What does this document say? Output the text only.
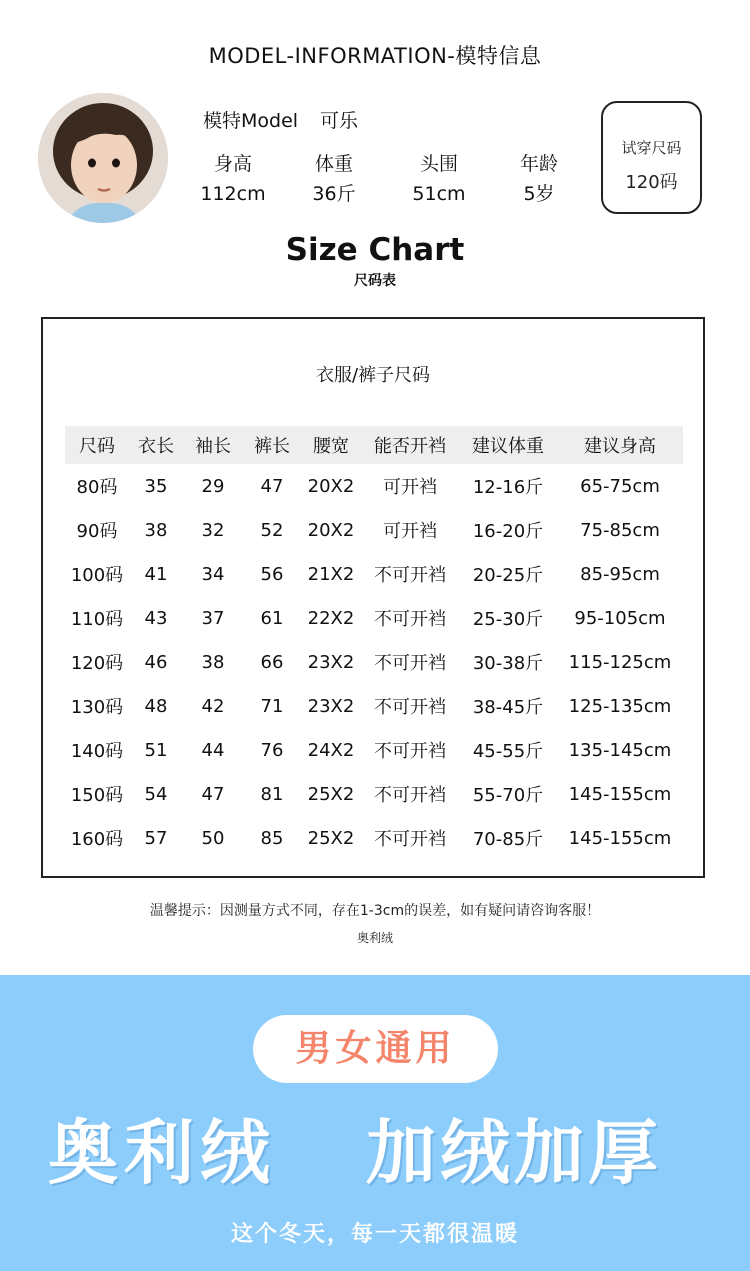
MODEL-INFORMATION-模特信息
模特Model 可乐
身高
112cm
体重
36斤
头围
51cm
年龄
5岁
试穿尺码
120码
Size Chart
尺码表
衣服/裤子尺码
尺码	衣长	袖长	裤长	腰宽	能否开裆	建议体重	建议身高
80码	35	29	47	20X2	可开裆	12-16斤	65-75cm
90码	38	32	52	20X2	可开裆	16-20斤	75-85cm
100码	41	34	56	21X2	不可开裆	20-25斤	85-95cm
110码	43	37	61	22X2	不可开裆	25-30斤	95-105cm
120码	46	38	66	23X2	不可开裆	30-38斤	115-125cm
130码	48	42	71	23X2	不可开裆	38-45斤	125-135cm
140码	51	44	76	24X2	不可开裆	45-55斤	135-145cm
150码	54	47	81	25X2	不可开裆	55-70斤	145-155cm
160码	57	50	85	25X2	不可开裆	70-85斤	145-155cm
温馨提示：因测量方式不同，存在1-3cm的误差，如有疑问请咨询客服！
奥利绒
男女通用
奥利绒	加绒加厚
这个冬天，每一天都很温暖
